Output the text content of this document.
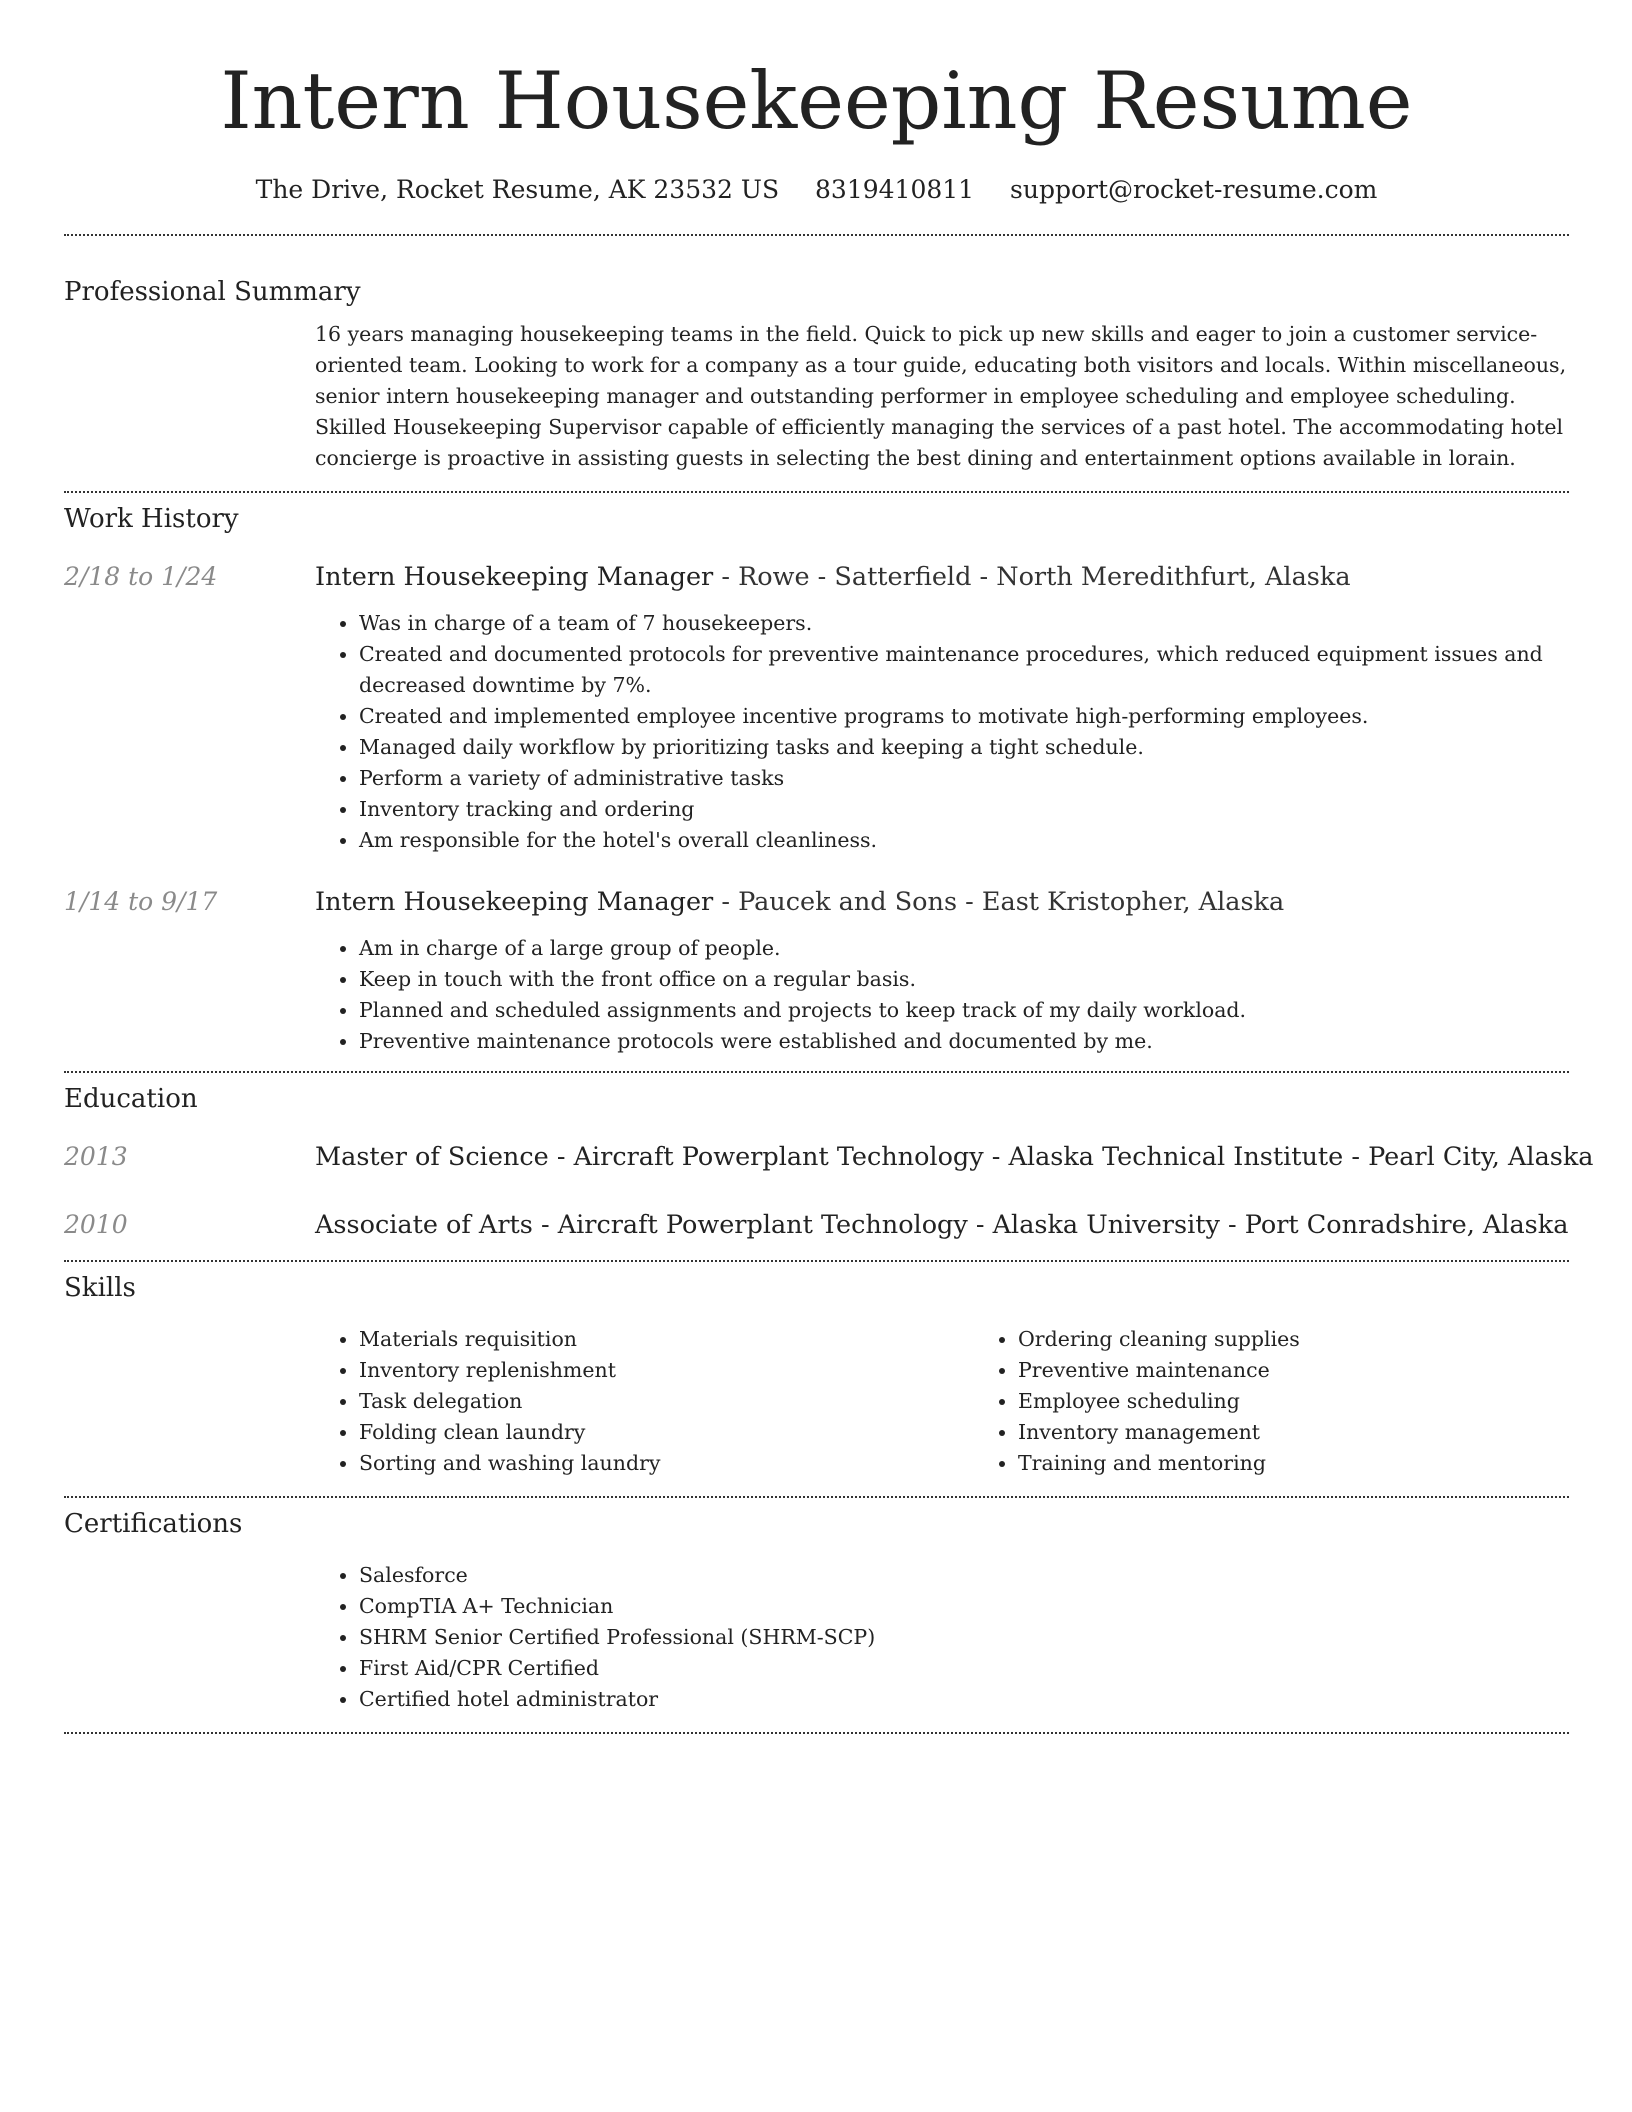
Intern Housekeeping Resume
The Drive, Rocket Resume, AK 23532 US 8319410811 support@rocket-resume.com
Professional Summary
16 years managing housekeeping teams in the field. Quick to pick up new skills and eager to join a customer service-oriented team. Looking to work for a company as a tour guide, educating both visitors and locals. Within miscellaneous, senior intern housekeeping manager and outstanding performer in employee scheduling and employee scheduling. Skilled Housekeeping Supervisor capable of efficiently managing the services of a past hotel. The accommodating hotel concierge is proactive in assisting guests in selecting the best dining and entertainment options available in lorain.
Work History
2/18 to 1/24	Intern Housekeeping Manager - Rowe - Satterfield - North Meredithfurt, Alaska
• Was in charge of a team of 7 housekeepers.
• Created and documented protocols for preventive maintenance procedures, which reduced equipment issues and decreased downtime by 7%.
• Created and implemented employee incentive programs to motivate high-performing employees.
• Managed daily workflow by prioritizing tasks and keeping a tight schedule.
• Perform a variety of administrative tasks
• Inventory tracking and ordering
• Am responsible for the hotel's overall cleanliness.
1/14 to 9/17	Intern Housekeeping Manager - Paucek and Sons - East Kristopher, Alaska
• Am in charge of a large group of people.
• Keep in touch with the front office on a regular basis.
• Planned and scheduled assignments and projects to keep track of my daily workload.
• Preventive maintenance protocols were established and documented by me.
Education
2013	Master of Science - Aircraft Powerplant Technology - Alaska Technical Institute - Pearl City, Alaska
2010	Associate of Arts - Aircraft Powerplant Technology - Alaska University - Port Conradshire, Alaska
Skills
• Materials requisition
• Inventory replenishment
• Task delegation
• Folding clean laundry
• Sorting and washing laundry
• Ordering cleaning supplies
• Preventive maintenance
• Employee scheduling
• Inventory management
• Training and mentoring
Certifications
• Salesforce
• CompTIA A+ Technician
• SHRM Senior Certified Professional (SHRM-SCP)
• First Aid/CPR Certified
• Certified hotel administrator
